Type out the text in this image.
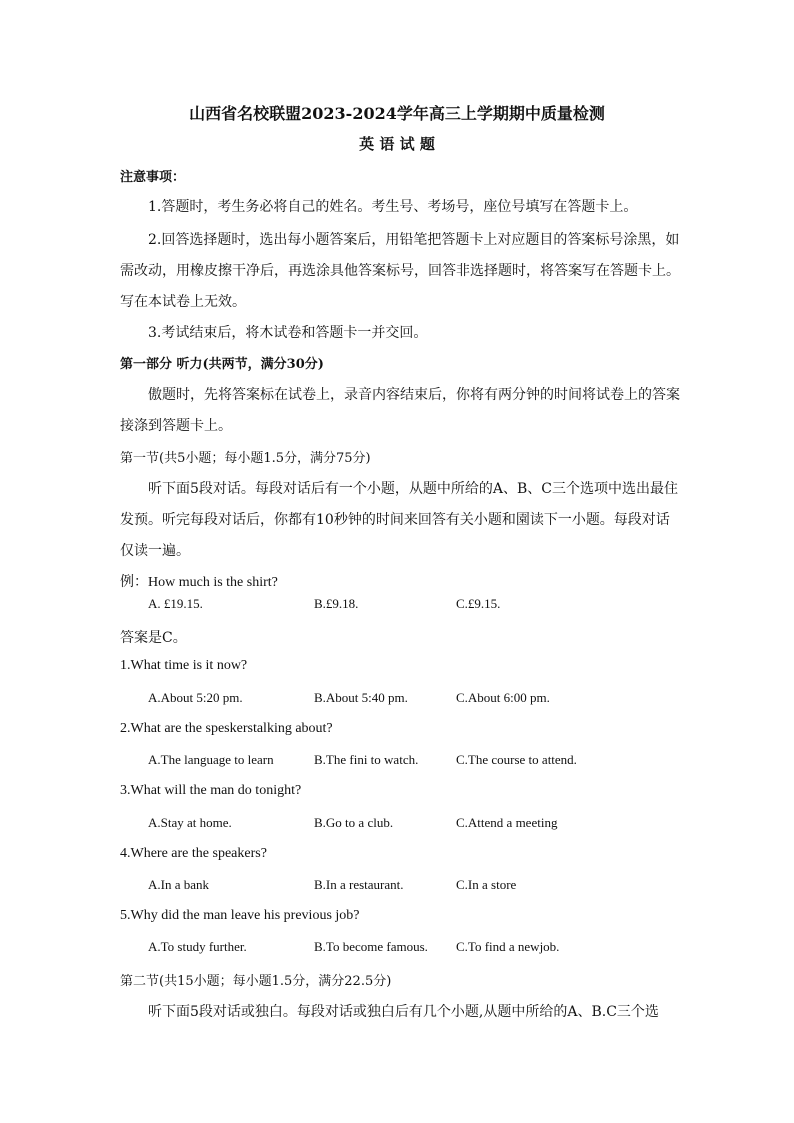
山西省名校联盟2023-2024学年高三上学期期中质量检测
英 语 试 题
注意事项：
1.答题时，考生务必将自己的姓名。考生号、考场号，座位号填写在答题卡上。
2.回答选择题时，选出每小题答案后，用铅笔把答题卡上对应题目的答案标号涂黑，如
需改动，用橡皮擦干净后，再选涂具他答案标号，回答非选择题时，将答案写在答题卡上。
写在本试卷上无效。
3.考试结束后，将木试卷和答题卡一并交回。
第一部分 听力(共两节，满分30分)
傲题时，先将答案标在试卷上，录音内容结束后，你将有两分钟的时间将试卷上的答案
接涤到答题卡上。
第一节(共5小题；每小题1.5分，满分75分)
听下面5段对话。每段对话后有一个小题，从题中所给的A、B、C三个选项中选出最住
发预。听完每段对话后，你都有10秒钟的时间来回答有关小题和園读下一小题。每段对话
仅读一遍。
例：How much is the shirt?
A. £19.15.	B.£9.18.	C.£9.15.
答案是C。
1.What time is it now?
A.About 5:20 pm.	B.About 5:40 pm.	C.About 6:00 pm.
2.What are the speskerstalking about?
A.The language to learn	B.The fini to watch.	C.The course to attend.
3.What will the man do tonight?
A.Stay at home.	B.Go to a club.	C.Attend a meeting
4.Where are the speakers?
A.In a bank	B.In a restaurant.	C.In a store
5.Why did the man leave his previous job?
A.To study further.	B.To become famous. C.To find a newjob.
第二节(共15小题；每小题1.5分，满分22.5分)
听下面5段对话或独白。每段对话或独白后有几个小题,从题中所给的A、B.C三个选
